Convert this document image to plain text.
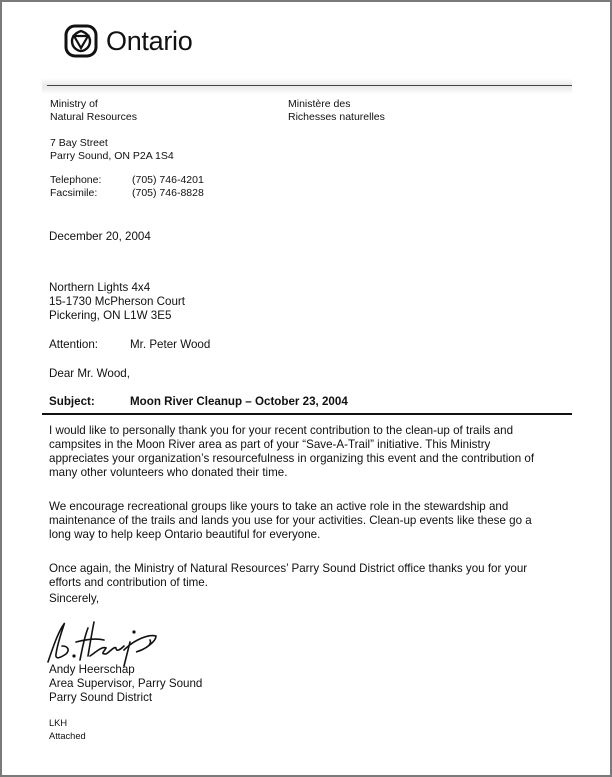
Ontario
Ministry of
Natural Resources
Ministère des
Richesses naturelles
7 Bay Street
Parry Sound, ON P2A 1S4
Telephone:	(705) 746-4201
Facsimile:	(705) 746-8828
December 20, 2004
Northern Lights 4x4
15-1730 McPherson Court
Pickering, ON L1W 3E5
Attention:	Mr. Peter Wood
Dear Mr. Wood,
Subject:	Moon River Cleanup – October 23, 2004
I would like to personally thank you for your recent contribution to the clean-up of trails and
campsites in the Moon River area as part of your “Save-A-Trail” initiative. This Ministry
appreciates your organization’s resourcefulness in organizing this event and the contribution of
many other volunteers who donated their time.
We encourage recreational groups like yours to take an active role in the stewardship and
maintenance of the trails and lands you use for your activities. Clean-up events like these go a
long way to help keep Ontario beautiful for everyone.
Once again, the Ministry of Natural Resources’ Parry Sound District office thanks you for your
efforts and contribution of time.
Sincerely,
Andy Heerschap
Area Supervisor, Parry Sound
Parry Sound District
LKH
Attached
